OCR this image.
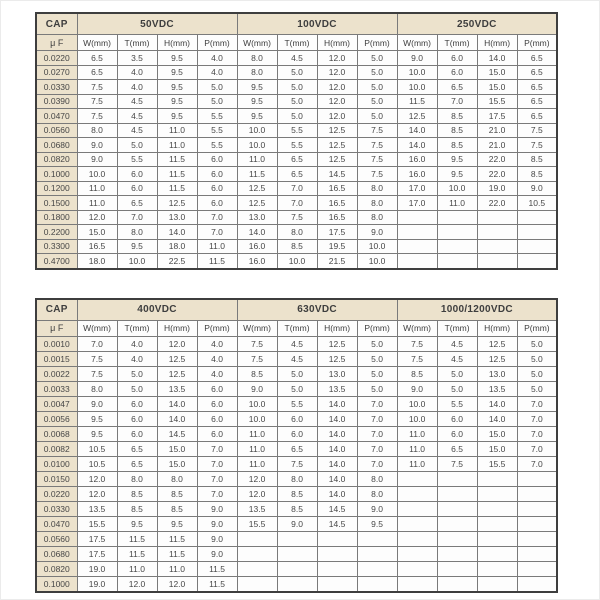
CAP	50VDC				100VDC				250VDC			
μ F	W(mm)	T(mm)	H(mm)	P(mm)	W(mm)	T(mm)	H(mm)	P(mm)	W(mm)	T(mm)	H(mm)	P(mm)
0.0220	6.5	3.5	9.5	4.0	8.0	4.5	12.0	5.0	9.0	6.0	14.0	6.5
0.0270	6.5	4.0	9.5	4.0	8.0	5.0	12.0	5.0	10.0	6.0	15.0	6.5
0.0330	7.5	4.0	9.5	5.0	9.5	5.0	12.0	5.0	10.0	6.5	15.0	6.5
0.0390	7.5	4.5	9.5	5.0	9.5	5.0	12.0	5.0	11.5	7.0	15.5	6.5
0.0470	7.5	4.5	9.5	5.5	9.5	5.0	12.0	5.0	12.5	8.5	17.5	6.5
0.0560	8.0	4.5	11.0	5.5	10.0	5.5	12.5	7.5	14.0	8.5	21.0	7.5
0.0680	9.0	5.0	11.0	5.5	10.0	5.5	12.5	7.5	14.0	8.5	21.0	7.5
0.0820	9.0	5.5	11.5	6.0	11.0	6.5	12.5	7.5	16.0	9.5	22.0	8.5
0.1000	10.0	6.0	11.5	6.0	11.5	6.5	14.5	7.5	16.0	9.5	22.0	8.5
0.1200	11.0	6.0	11.5	6.0	12.5	7.0	16.5	8.0	17.0	10.0	19.0	9.0
0.1500	11.0	6.5	12.5	6.0	12.5	7.0	16.5	8.0	17.0	11.0	22.0	10.5
0.1800	12.0	7.0	13.0	7.0	13.0	7.5	16.5	8.0				
0.2200	15.0	8.0	14.0	7.0	14.0	8.0	17.5	9.0				
0.3300	16.5	9.5	18.0	11.0	16.0	8.5	19.5	10.0				
0.4700	18.0	10.0	22.5	11.5	16.0	10.0	21.5	10.0				
CAP	400VDC				630VDC				1000/1200VDC			
μ F	W(mm)	T(mm)	H(mm)	P(mm)	W(mm)	T(mm)	H(mm)	P(mm)	W(mm)	T(mm)	H(mm)	P(mm)
0.0010	7.0	4.0	12.0	4.0	7.5	4.5	12.5	5.0	7.5	4.5	12.5	5.0
0.0015	7.5	4.0	12.5	4.0	7.5	4.5	12.5	5.0	7.5	4.5	12.5	5.0
0.0022	7.5	5.0	12.5	4.0	8.5	5.0	13.0	5.0	8.5	5.0	13.0	5.0
0.0033	8.0	5.0	13.5	6.0	9.0	5.0	13.5	5.0	9.0	5.0	13.5	5.0
0.0047	9.0	6.0	14.0	6.0	10.0	5.5	14.0	7.0	10.0	5.5	14.0	7.0
0.0056	9.5	6.0	14.0	6.0	10.0	6.0	14.0	7.0	10.0	6.0	14.0	7.0
0.0068	9.5	6.0	14.5	6.0	11.0	6.0	14.0	7.0	11.0	6.0	15.0	7.0
0.0082	10.5	6.5	15.0	7.0	11.0	6.5	14.0	7.0	11.0	6.5	15.0	7.0
0.0100	10.5	6.5	15.0	7.0	11.0	7.5	14.0	7.0	11.0	7.5	15.5	7.0
0.0150	12.0	8.0	8.0	7.0	12.0	8.0	14.0	8.0				
0.0220	12.0	8.5	8.5	7.0	12.0	8.5	14.0	8.0				
0.0330	13.5	8.5	8.5	9.0	13.5	8.5	14.5	9.0				
0.0470	15.5	9.5	9.5	9.0	15.5	9.0	14.5	9.5				
0.0560	17.5	11.5	11.5	9.0								
0.0680	17.5	11.5	11.5	9.0								
0.0820	19.0	11.0	11.0	11.5								
0.1000	19.0	12.0	12.0	11.5								
